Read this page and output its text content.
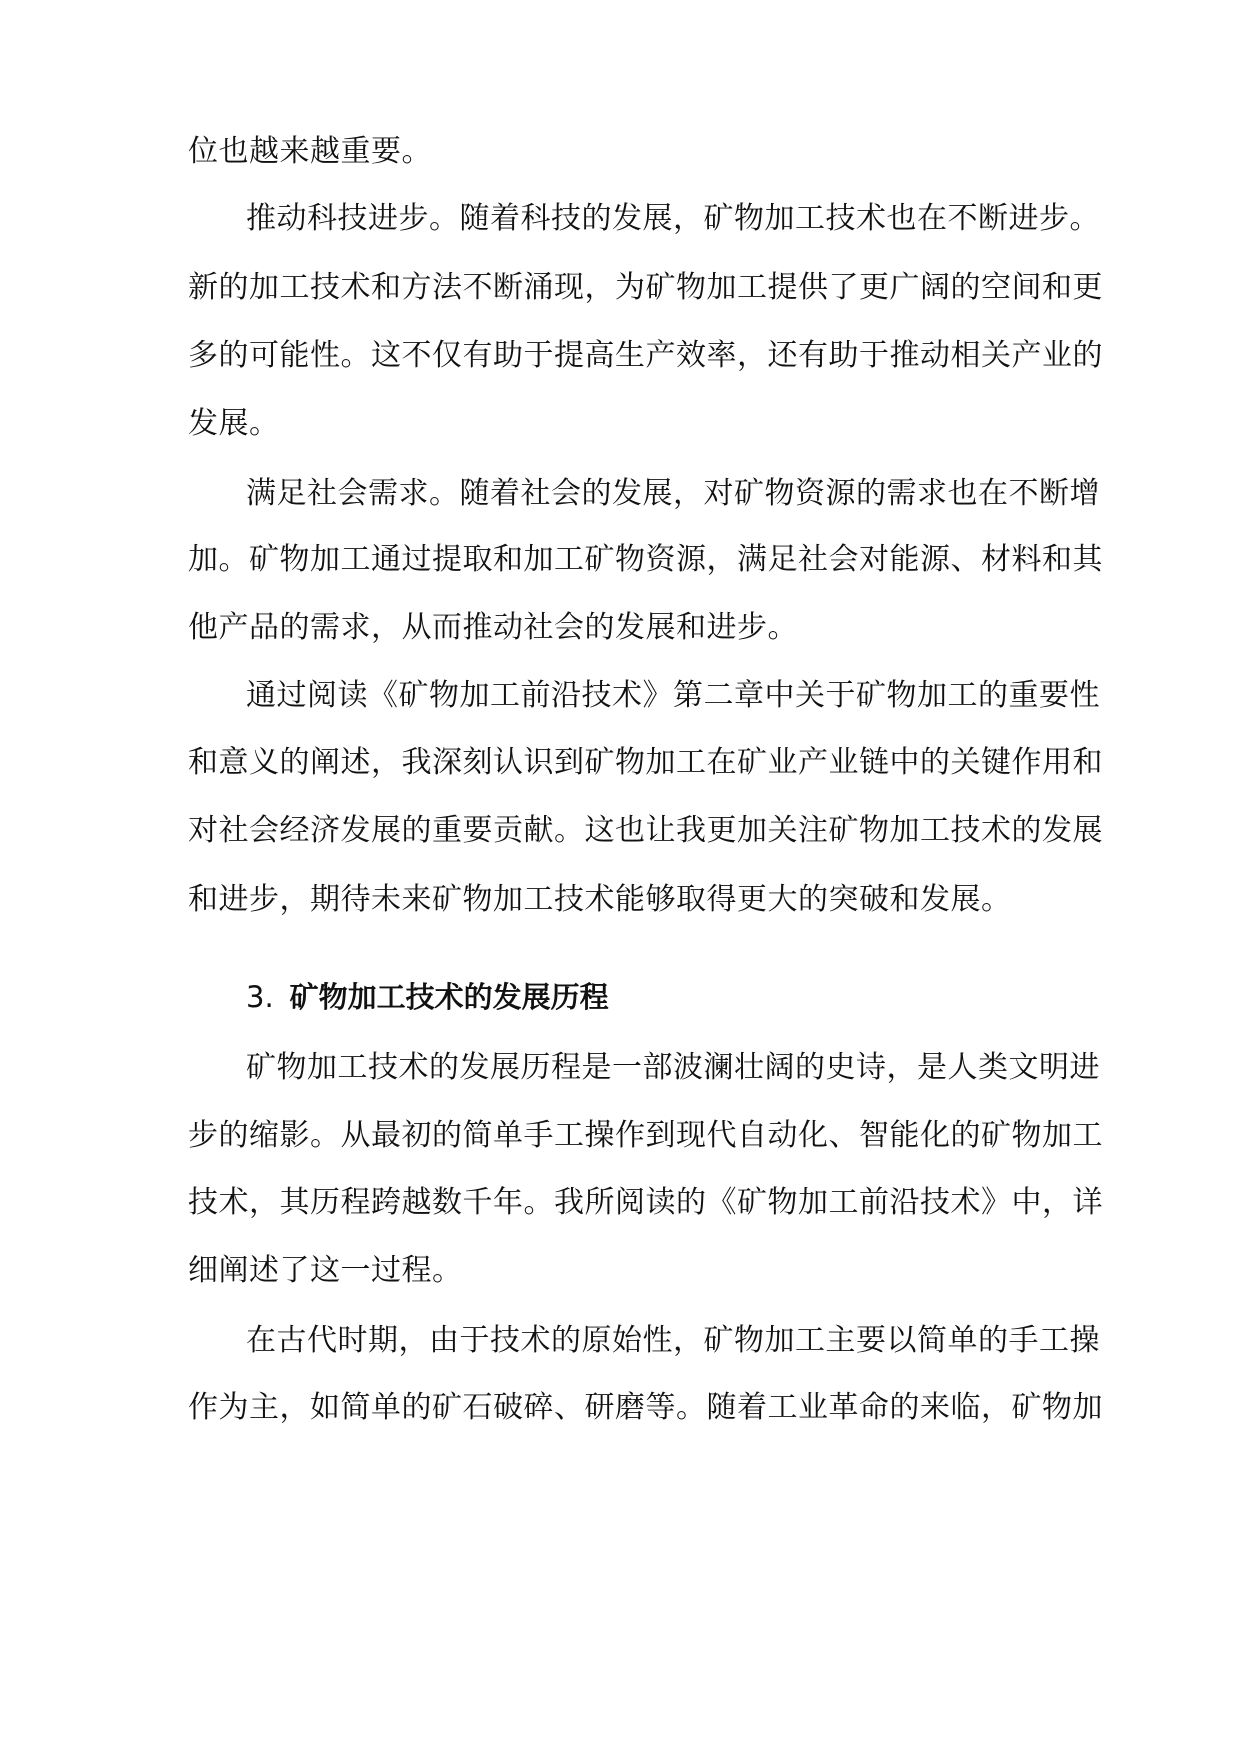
位也越来越重要。
推动科技进步。随着科技的发展，矿物加工技术也在不断进步。
新的加工技术和方法不断涌现，为矿物加工提供了更广阔的空间和更
多的可能性。这不仅有助于提高生产效率，还有助于推动相关产业的
发展。
满足社会需求。随着社会的发展，对矿物资源的需求也在不断增
加。矿物加工通过提取和加工矿物资源，满足社会对能源、材料和其
他产品的需求，从而推动社会的发展和进步。
通过阅读《矿物加工前沿技术》第二章中关于矿物加工的重要性
和意义的阐述，我深刻认识到矿物加工在矿业产业链中的关键作用和
对社会经济发展的重要贡献。这也让我更加关注矿物加工技术的发展
和进步，期待未来矿物加工技术能够取得更大的突破和发展。
3. 矿物加工技术的发展历程
矿物加工技术的发展历程是一部波澜壮阔的史诗，是人类文明进
步的缩影。从最初的简单手工操作到现代自动化、智能化的矿物加工
技术，其历程跨越数千年。我所阅读的《矿物加工前沿技术》中，详
细阐述了这一过程。
在古代时期，由于技术的原始性，矿物加工主要以简单的手工操
作为主，如简单的矿石破碎、研磨等。随着工业革命的来临，矿物加
